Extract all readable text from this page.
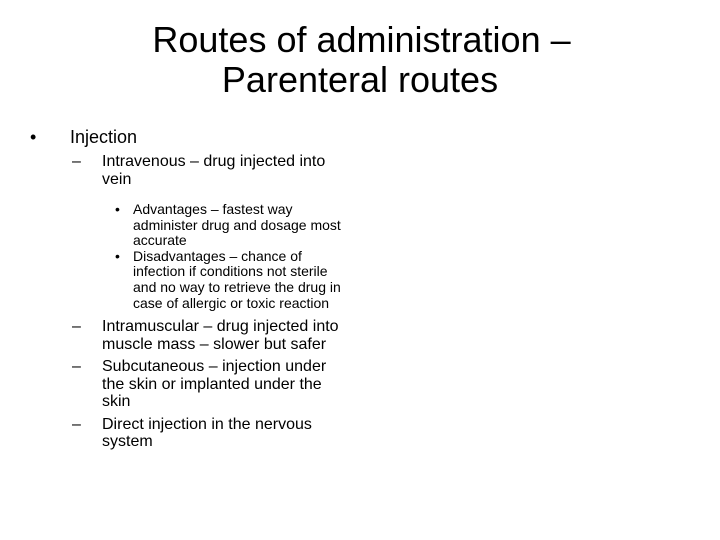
Routes of administration –
Parenteral routes
• Injection
– Intravenous – drug injected into vein
• Advantages – fastest way administer drug and dosage most accurate
• Disadvantages – chance of infection if conditions not sterile and no way to retrieve the drug in case of allergic or toxic reaction
– Intramuscular – drug injected into muscle mass – slower but safer
– Subcutaneous – injection under the skin or implanted under the skin
– Direct injection in the nervous system
